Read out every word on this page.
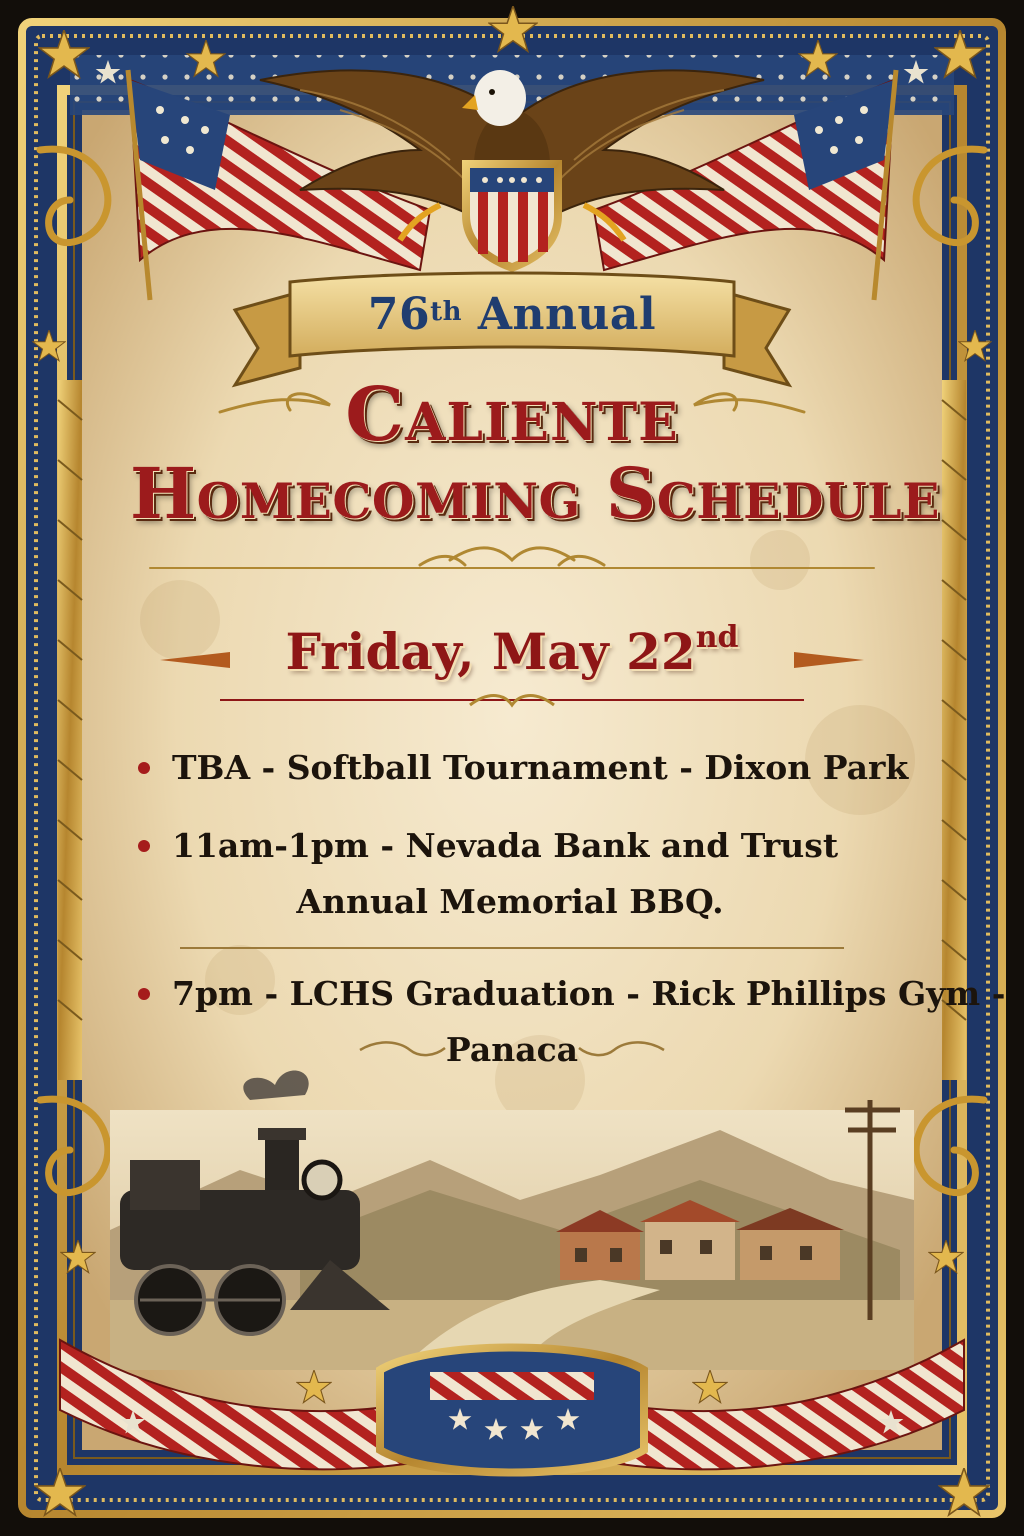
76th
Annual
Caliente
Homecoming Schedule
Friday, May 22nd
TBA - Softball Tournament - Dixon Park
11am-1pm - Nevada Bank and Trust
Annual Memorial BBQ.
7pm - LCHS Graduation - Rick Phillips Gym -
Panaca
